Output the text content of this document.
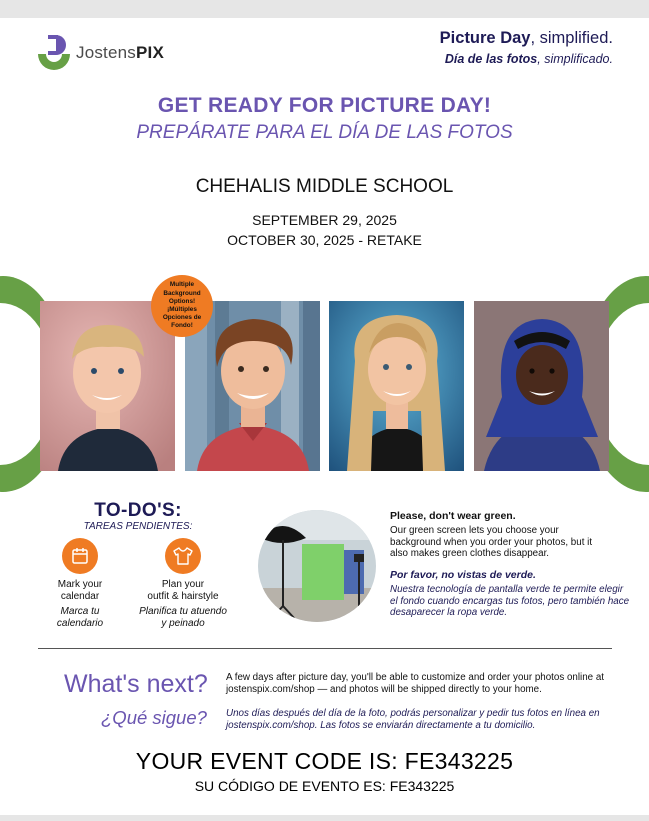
JostensPIX
Picture Day, simplified.
Día de las fotos, simplificado.
GET READY FOR PICTURE DAY!
PREPÁRATE PARA EL DÍA DE LAS FOTOS
CHEHALIS MIDDLE SCHOOL
SEPTEMBER 29, 2025
OCTOBER 30, 2025 - RETAKE
Multiple Background Options! ¡Múltiples Opciones de Fondo!
TO-DO'S:
TAREAS PENDIENTES:
Mark your
calendar
Marca tu
calendario
Plan your
outfit & hairstyle
Planifica tu atuendo
y peinado
Please, don't wear green.
Our green screen lets you choose your background when you order your photos, but it also makes green clothes disappear.
Por favor, no vistas de verde.
Nuestra tecnología de pantalla verde te permite elegir el fondo cuando encargas tus fotos, pero también hace desaparecer la ropa verde.
What's next?
¿Qué sigue?
A few days after picture day, you'll be able to customize and order your photos online at jostenspix.com/shop — and photos will be shipped directly to your home.
Unos días después del día de la foto, podrás personalizar y pedir tus fotos en línea en jostenspix.com/shop. Las fotos se enviarán directamente a tu domicilio.
YOUR EVENT CODE IS: FE343225
SU CÓDIGO DE EVENTO ES: FE343225
